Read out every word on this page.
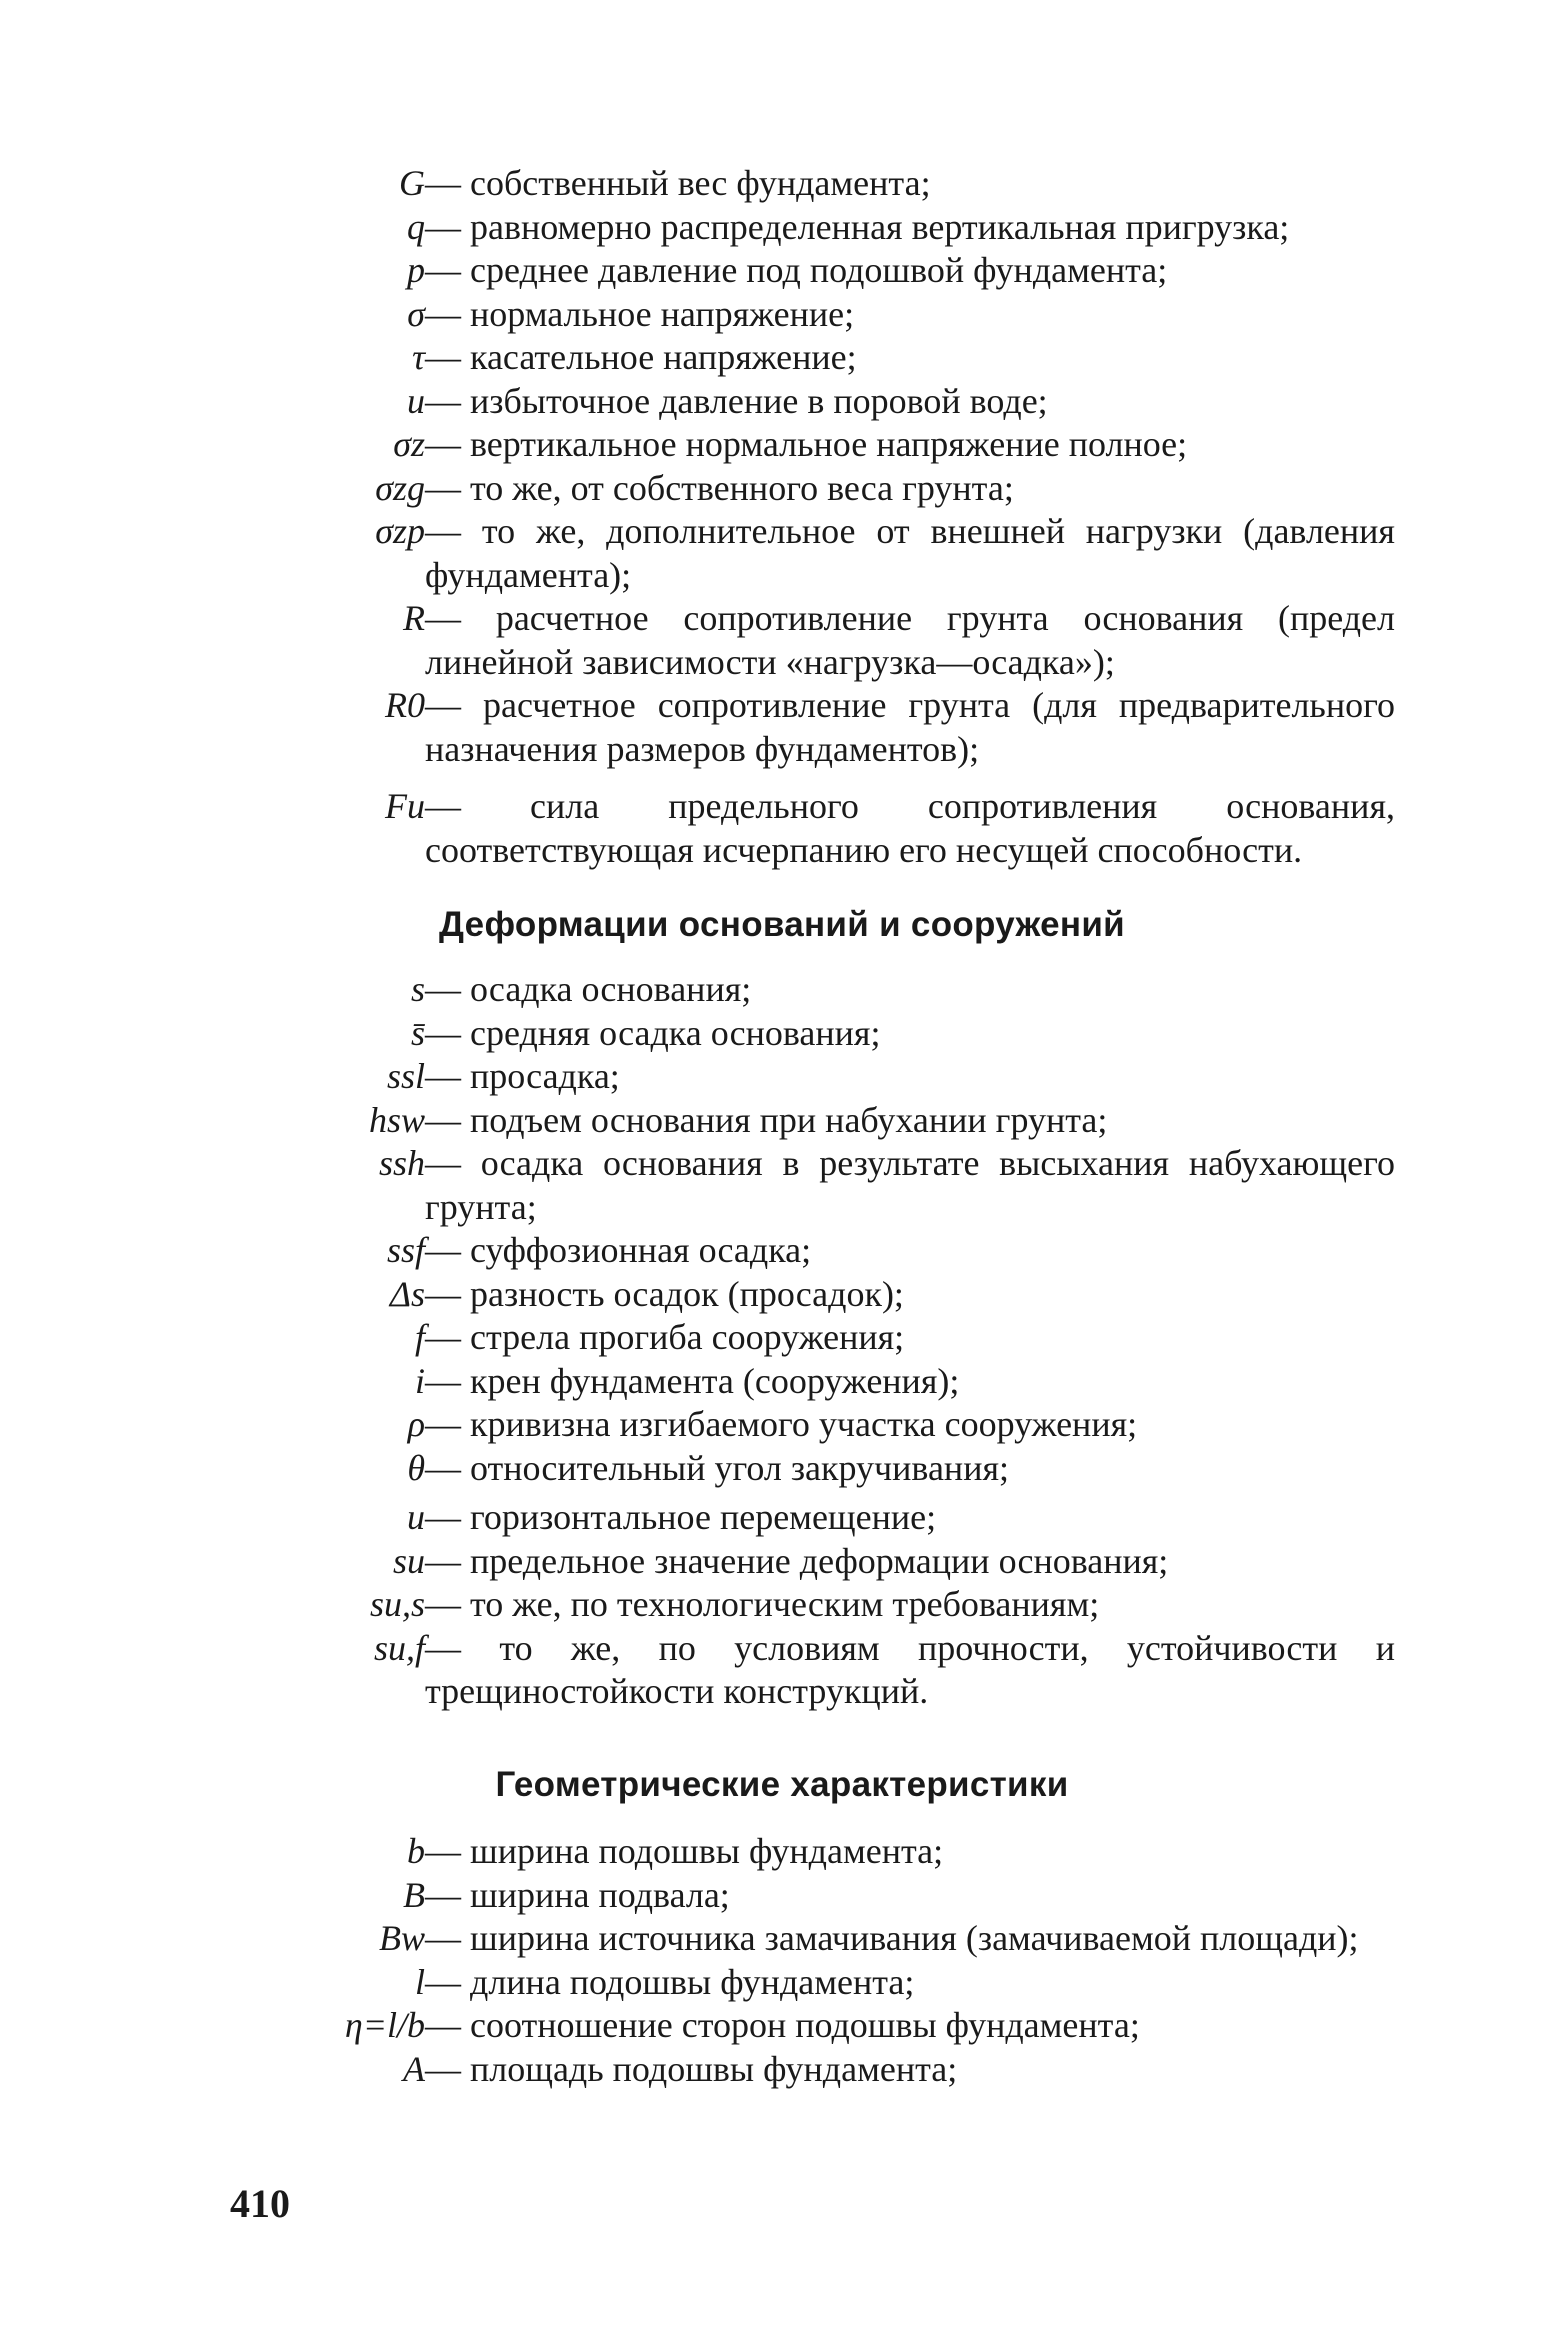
G — собственный вес фундамента;
q — равномерно распределенная вертикальная пригрузка;
p — среднее давление под подошвой фундамента;
σ — нормальное напряжение;
τ — касательное напряжение;
u — избыточное давление в поровой воде;
σz — вертикальное нормальное напряжение полное;
σzg — то же, от собственного веса грунта;
σzp — то же, дополнительное от внешней нагрузки (давления фундамента);
R — расчетное сопротивление грунта основания (предел линейной зависимости «нагрузка—осадка»);
R0 — расчетное сопротивление грунта (для предварительного назначения размеров фундаментов);
Fu — сила предельного сопротивления основания, соответствующая исчерпанию его несущей способности.
Деформации оснований и сооружений
s — осадка основания;
s̄ — средняя осадка основания;
ssl — просадка;
hsw — подъем основания при набухании грунта;
ssh — осадка основания в результате высыхания набухающего грунта;
ssf — суффозионная осадка;
Δs — разность осадок (просадок);
f — стрела прогиба сооружения;
i — крен фундамента (сооружения);
ρ — кривизна изгибаемого участка сооружения;
θ — относительный угол закручивания;
u — горизонтальное перемещение;
su — предельное значение деформации основания;
su,s — то же, по технологическим требованиям;
su,f — то же, по условиям прочности, устойчивости и трещиностойкости конструкций.
Геометрические характеристики
b — ширина подошвы фундамента;
B — ширина подвала;
Bw — ширина источника замачивания (замачиваемой площади);
l — длина подошвы фундамента;
η=l/b — соотношение сторон подошвы фундамента;
A — площадь подошвы фундамента;
410
